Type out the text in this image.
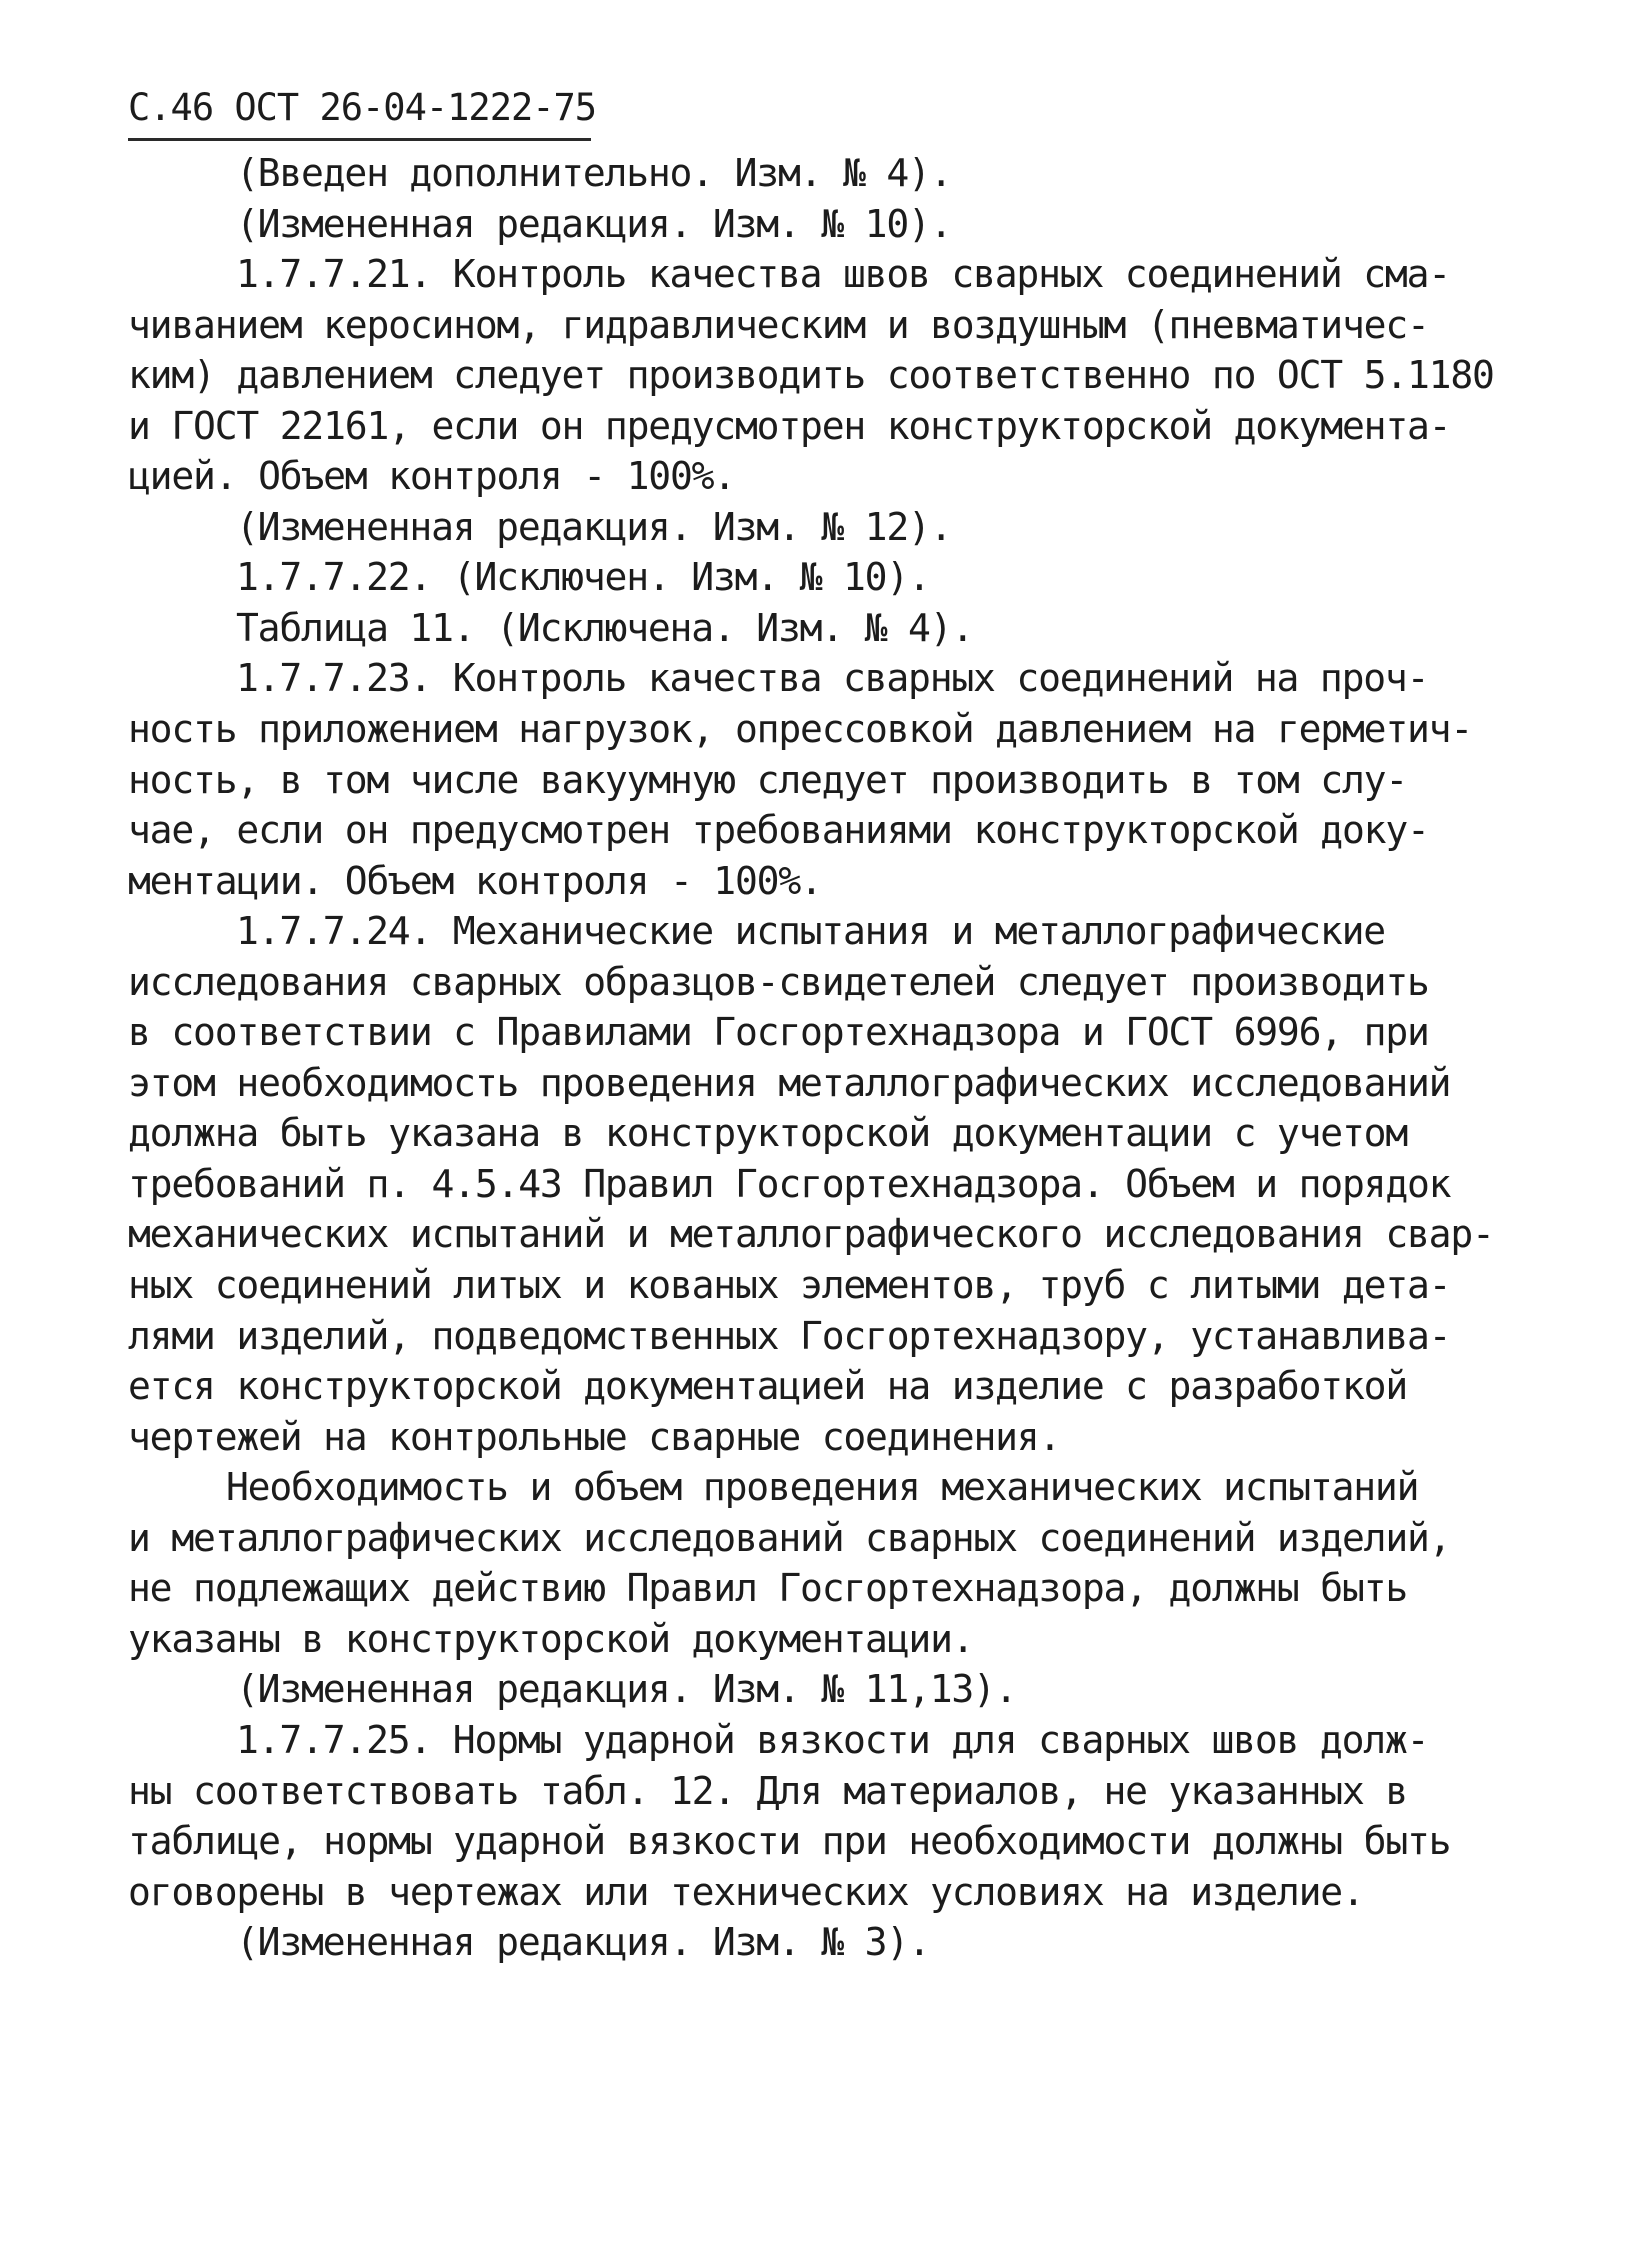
С.46 ОСТ 26-04-1222-75
(Введен дополнительно. Изм. № 4).
(Измененная редакция. Изм. № 10).
1.7.7.21. Контроль качества швов сварных соединений сма-
чиванием керосином, гидравлическим и воздушным (пневматичес-
ким) давлением следует производить соответственно по ОСТ 5.1180
и ГОСТ 22161, если он предусмотрен конструкторской документа-
цией. Объем контроля - 100%.
(Измененная редакция. Изм. № 12).
1.7.7.22. (Исключен. Изм. № 10).
Таблица 11. (Исключена. Изм. № 4).
1.7.7.23. Контроль качества сварных соединений на проч-
ность приложением нагрузок, опрессовкой давлением на герметич-
ность, в том числе вакуумную следует производить в том слу-
чае, если он предусмотрен требованиями конструкторской доку-
ментации. Объем контроля - 100%.
1.7.7.24. Механические испытания и металлографические
исследования сварных образцов-свидетелей следует производить
в соответствии с Правилами Госгортехнадзора и ГОСТ 6996, при
этом необходимость проведения металлографических исследований
должна быть указана в конструкторской документации с учетом
требований п. 4.5.43 Правил Госгортехнадзора. Объем и порядок
механических испытаний и металлографического исследования свар-
ных соединений литых и кованых элементов, труб с литыми дета-
лями изделий, подведомственных Госгортехнадзору, устанавлива-
ется конструкторской документацией на изделие с разработкой
чертежей на контрольные сварные соединения.
Необходимость и объем проведения механических испытаний
и металлографических исследований сварных соединений изделий,
не подлежащих действию Правил Госгортехнадзора, должны быть
указаны в конструкторской документации.
(Измененная редакция. Изм. № 11,13).
1.7.7.25. Нормы ударной вязкости для сварных швов долж-
ны соответствовать табл. 12. Для материалов, не указанных в
таблице, нормы ударной вязкости при необходимости должны быть
оговорены в чертежах или технических условиях на изделие.
(Измененная редакция. Изм. № 3).
